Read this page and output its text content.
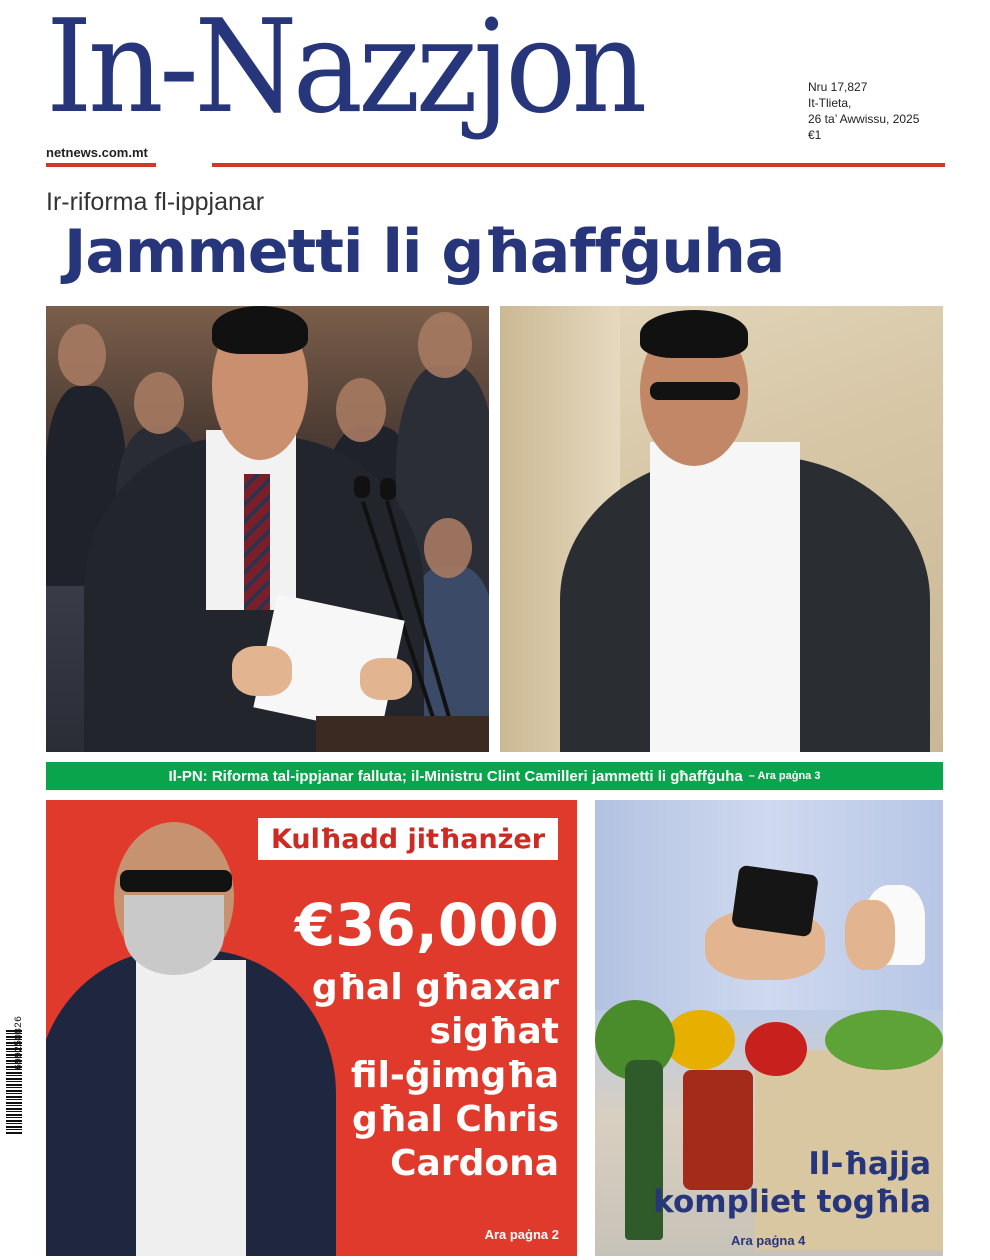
In-Nazzjon
netnews.com.mt
Nru 17,827
It-Tlieta,
26 ta’ Awwissu, 2025
€1
Ir-riforma fl-ippjanar
Jammetti li għaffġuha
Il-PN: Riforma tal-ippjanar falluta; il-Ministru Clint Camilleri jammetti li għaffġuha – Ara paġna 3
Kulħadd jitħanżer
€36,000
għal għaxar
sigħat
fil-ġimgħa
għal Chris
Cardona
Ara paġna 2
Il-ħajja
kompliet togħla
Ara paġna 4
699250826
